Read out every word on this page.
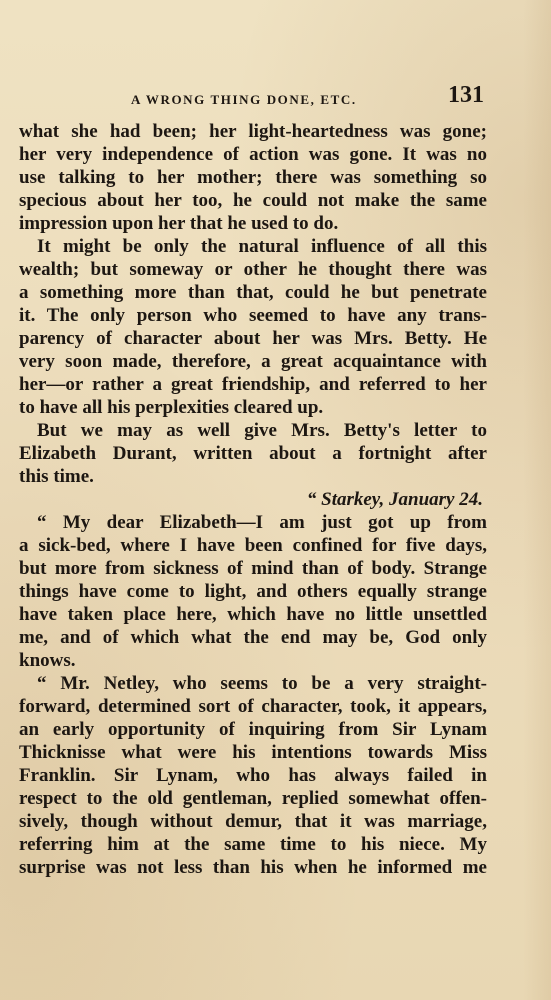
A WRONG THING DONE, ETC.	131
what she had been; her light-heartedness was gone;
her very independence of action was gone. It was no
use talking to her mother; there was something so
specious about her too, he could not make the same
impression upon her that he used to do.
It might be only the natural influence of all this
wealth; but someway or other he thought there was
a something more than that, could he but penetrate
it. The only person who seemed to have any trans-
parency of character about her was Mrs. Betty. He
very soon made, therefore, a great acquaintance with
her—or rather a great friendship, and referred to her
to have all his perplexities cleared up.
But we may as well give Mrs. Betty's letter to
Elizabeth Durant, written about a fortnight after
this time.
“ Starkey, January 24.
“ My dear Elizabeth—I am just got up from
a sick-bed, where I have been confined for five days,
but more from sickness of mind than of body. Strange
things have come to light, and others equally strange
have taken place here, which have no little unsettled
me, and of which what the end may be, God only
knows.
“ Mr. Netley, who seems to be a very straight-
forward, determined sort of character, took, it appears,
an early opportunity of inquiring from Sir Lynam
Thicknisse what were his intentions towards Miss
Franklin. Sir Lynam, who has always failed in
respect to the old gentleman, replied somewhat offen-
sively, though without demur, that it was marriage,
referring him at the same time to his niece. My
surprise was not less than his when he informed me
